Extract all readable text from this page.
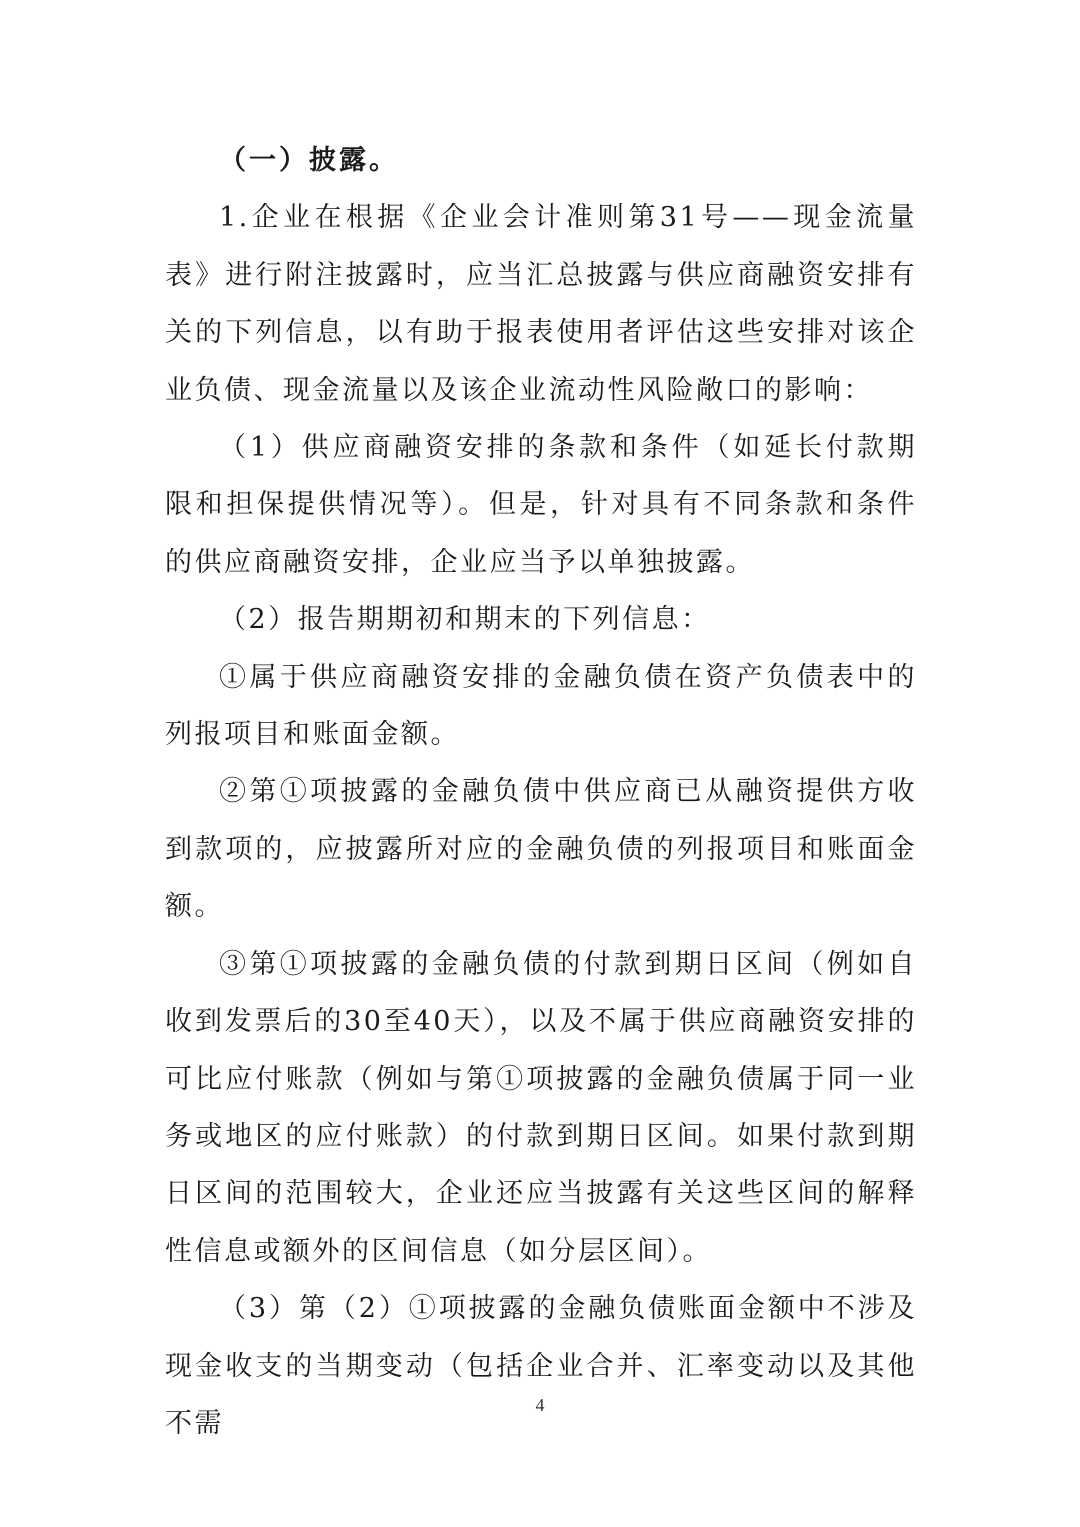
（一）披露。

1.企业在根据《企业会计准则第31号——现金流量表》进行附注披露时，应当汇总披露与供应商融资安排有关的下列信息，以有助于报表使用者评估这些安排对该企业负债、现金流量以及该企业流动性风险敞口的影响：

（1）供应商融资安排的条款和条件（如延长付款期限和担保提供情况等）。但是，针对具有不同条款和条件的供应商融资安排，企业应当予以单独披露。

（2）报告期期初和期末的下列信息：

①属于供应商融资安排的金融负债在资产负债表中的列报项目和账面金额。

②第①项披露的金融负债中供应商已从融资提供方收到款项的，应披露所对应的金融负债的列报项目和账面金额。

③第①项披露的金融负债的付款到期日区间（例如自收到发票后的30至40天），以及不属于供应商融资安排的可比应付账款（例如与第①项披露的金融负债属于同一业务或地区的应付账款）的付款到期日区间。如果付款到期日区间的范围较大，企业还应当披露有关这些区间的解释性信息或额外的区间信息（如分层区间）。

（3）第（2）①项披露的金融负债账面金额中不涉及现金收支的当期变动（包括企业合并、汇率变动以及其他不需

4
